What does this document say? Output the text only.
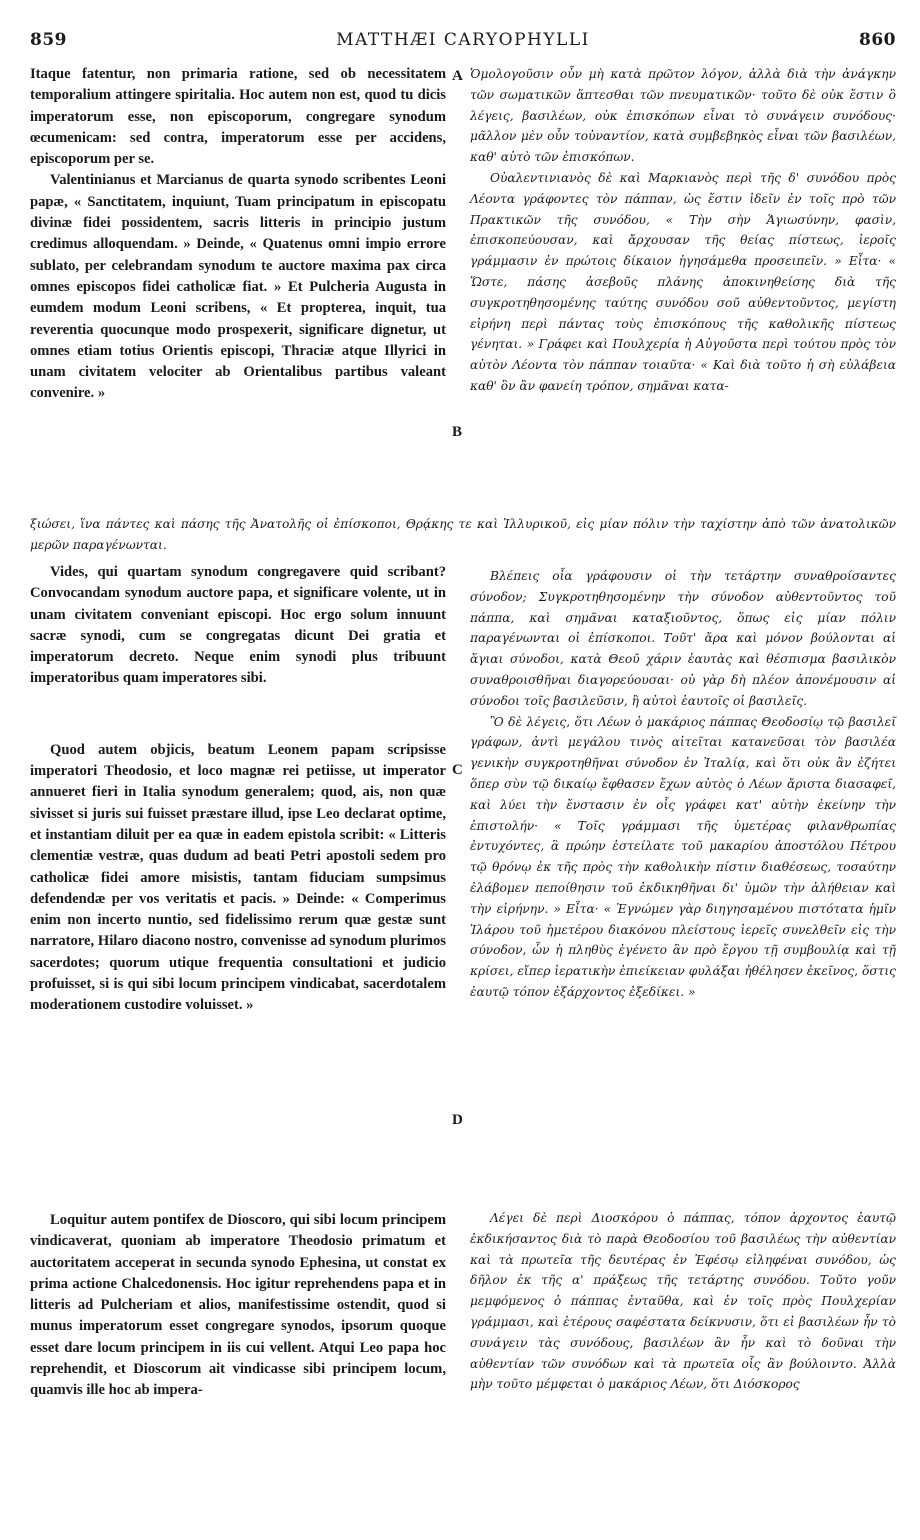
859	MATTHÆI CARYOPHYLLI	860

Itaque fatentur, non primaria ratione, sed ob necessitatem temporalium attingere spiritalia. Hoc autem non est, quod tu dicis imperatorum esse, non episcoporum, congregare synodum œcumenicam: sed contra, imperatorum esse per accidens, episcoporum per se.

Valentinianus et Marcianus de quarta synodo scribentes Leoni papæ, « Sanctitatem, inquiunt, Tuam principatum in episcopatu divinæ fidei possidentem, sacris litteris in principio justum credimus alloquendam. » Deinde, « Quatenus omni impio errore sublato, per celebrandam synodum te auctore maxima pax circa omnes episcopos fidei catholicæ fiat. » Et Pulcheria Augusta in eumdem modum Leoni scribens, « Et propterea, inquit, tua reverentia quocunque modo prospexerit, significare dignetur, ut omnes etiam totius Orientis episcopi, Thraciæ atque Illyrici in unam civitatem velociter ab Orientalibus partibus valeant convenire. »

Ὁμολογοῦσιν οὖν μὴ κατὰ πρῶτον λόγον, ἀλλὰ διὰ τὴν ἀνάγκην τῶν σωματικῶν ἅπτεσθαι τῶν πνευματικῶν· τοῦτο δὲ οὐκ ἔστιν ὃ λέγεις, βασιλέων, οὐκ ἐπισκόπων εἶναι τὸ συνάγειν συνόδους· μᾶλλον μὲν οὖν τοὐναντίον, κατὰ συμβεβηκὸς εἶναι τῶν βασιλέων, καθ' αὑτὸ τῶν ἐπισκόπων.

Οὐαλεντινιανὸς δὲ καὶ Μαρκιανὸς περὶ τῆς δ' συνόδου πρὸς Λέοντα γράφοντες τὸν πάππαν, ὡς ἔστιν ἰδεῖν ἐν τοῖς πρὸ τῶν Πρακτικῶν τῆς συνόδου, « Τὴν σὴν Ἁγιωσύνην, φασὶν, ἐπισκοπεύουσαν, καὶ ἄρχουσαν τῆς θείας πίστεως, ἱεροῖς γράμμασιν ἐν πρώτοις δίκαιον ἡγησάμεθα προσειπεῖν. » Εἶτα· « Ὥστε, πάσης ἀσεβοῦς πλάνης ἀποκινηθείσης διὰ τῆς συγκροτηθησομένης ταύτης συνόδου σοῦ αὐθεντοῦντος, μεγίστη εἰρήνη περὶ πάντας τοὺς ἐπισκόπους τῆς καθολικῆς πίστεως γένηται. » Γράφει καὶ Πουλχερία ἡ Αὐγοῦστα περὶ τούτου πρὸς τὸν αὐτὸν Λέοντα τὸν πάππαν τοιαῦτα· « Καὶ διὰ τοῦτο ἡ σὴ εὐλάβεια καθ' ὃν ἂν φανείη τρόπον, σημᾶναι κατα-

ξιώσει, ἵνα πάντες καὶ πάσης τῆς Ἀνατολῆς οἱ ἐπίσκοποι, Θρᾴκης τε καὶ Ἰλλυρικοῦ, εἰς μίαν πόλιν τὴν ταχίστην ἀπὸ τῶν ἀνατολικῶν μερῶν παραγένωνται.

Vides, qui quartam synodum congregavere quid scribant? Convocandam synodum auctore papa, et significare volente, ut in unam civitatem conveniant episcopi. Hoc ergo solum innuunt sacræ synodi, cum se congregatas dicunt Dei gratia et imperatorum decreto. Neque enim synodi plus tribuunt imperatoribus quam imperatores sibi.

Quod autem objicis, beatum Leonem papam scripsisse imperatori Theodosio, et loco magnæ rei petiisse, ut imperator annueret fieri in Italia synodum generalem; quod, ais, non quæ sivisset si juris sui fuisset præstare illud, ipse Leo declarat optime, et instantiam diluit per ea quæ in eadem epistola scribit: « Litteris clementiæ vestræ, quas dudum ad beati Petri apostoli sedem pro catholicæ fidei amore misistis, tantam fiduciam sumpsimus defendendæ per vos veritatis et pacis. » Deinde: « Comperimus enim non incerto nuntio, sed fidelissimo rerum quæ gestæ sunt narratore, Hilaro diacono nostro, convenisse ad synodum plurimos sacerdotes; quorum utique frequentia consultationi et judicio profuisset, si is qui sibi locum principem vindicabat, sacerdotalem moderationem custodire voluisset. »

Βλέπεις οἷα γράφουσιν οἱ τὴν τετάρτην συναθροίσαντες σύνοδον; Συγκροτηθησομένην τὴν σύνοδον αὐθεντοῦντος τοῦ πάππα, καὶ σημᾶναι καταξιοῦντος, ὅπως εἰς μίαν πόλιν παραγένωνται οἱ ἐπίσκοποι. Τοῦτ' ἄρα καὶ μόνον βούλονται αἱ ἅγιαι σύνοδοι, κατὰ Θεοῦ χάριν ἑαυτὰς καὶ θέσπισμα βασιλικὸν συναθροισθῆναι διαγορεύουσαι· οὐ γὰρ δὴ πλέον ἀπονέμουσιν αἱ σύνοδοι τοῖς βασιλεῦσιν, ἢ αὐτοὶ ἑαυτοῖς οἱ βασιλεῖς.

Ὃ δὲ λέγεις, ὅτι Λέων ὁ μακάριος πάππας Θεοδοσίῳ τῷ βασιλεῖ γράφων, ἀντὶ μεγάλου τινὸς αἰτεῖται κατανεῦσαι τὸν βασιλέα γενικὴν συγκροτηθῆναι σύνοδον ἐν Ἰταλίᾳ, καὶ ὅτι οὐκ ἂν ἐζήτει ὅπερ σὺν τῷ δικαίῳ ἔφθασεν ἔχων αὐτὸς ὁ Λέων ἄριστα διασαφεῖ, καὶ λύει τὴν ἔνστασιν ἐν οἷς γράφει κατ' αὐτὴν ἐκείνην τὴν ἐπιστολήν· « Τοῖς γράμμασι τῆς ὑμετέρας φιλανθρωπίας ἐντυχόντες, ἃ πρώην ἐστείλατε τοῦ μακαρίου ἀποστόλου Πέτρου τῷ θρόνῳ ἐκ τῆς πρὸς τὴν καθολικὴν πίστιν διαθέσεως, τοσαύτην ἐλάβομεν πεποίθησιν τοῦ ἐκδικηθῆναι δι' ὑμῶν τὴν ἀλήθειαν καὶ τὴν εἰρήνην. » Εἶτα· « Ἐγνώμεν γὰρ διηγησαμένου πιστότατα ἡμῖν Ἱλάρου τοῦ ἡμετέρου διακόνου πλείστους ἱερεῖς συνελθεῖν εἰς τὴν σύνοδον, ὧν ἡ πληθὺς ἐγένετο ἂν πρὸ ἔργου τῇ συμβουλίᾳ καὶ τῇ κρίσει, εἴπερ ἱερατικὴν ἐπιείκειαν φυλάξαι ἠθέλησεν ἐκεῖνος, ὅστις ἑαυτῷ τόπον ἐξάρχοντος ἐξεδίκει. »

Loquitur autem pontifex de Dioscoro, qui sibi locum principem vindicaverat, quoniam ab imperatore Theodosio primatum et auctoritatem acceperat in secunda synodo Ephesina, ut constat ex prima actione Chalcedonensis. Hoc igitur reprehendens papa et in litteris ad Pulcheriam et alios, manifestissime ostendit, quod si munus imperatorum esset congregare synodos, ipsorum quoque esset dare locum principem in iis cui vellent. Atqui Leo papa hoc reprehendit, et Dioscorum ait vindicasse sibi principem locum, quamvis ille hoc ab impera-

Λέγει δὲ περὶ Διοσκόρου ὁ πάππας, τόπον ἀρχοντος ἑαυτῷ ἐκδικήσαντος διὰ τὸ παρὰ Θεοδοσίου τοῦ βασιλέως τὴν αὐθεντίαν καὶ τὰ πρωτεῖα τῆς δευτέρας ἐν Ἐφέσῳ εἰληφέναι συνόδου, ὡς δῆλον ἐκ τῆς α' πράξεως τῆς τετάρτης συνόδου. Τοῦτο γοῦν μεμφόμενος ὁ πάππας ἐνταῦθα, καὶ ἐν τοῖς πρὸς Πουλχερίαν γράμμασι, καὶ ἑτέρους σαφέστατα δείκνυσιν, ὅτι εἰ βασιλέων ἦν τὸ συνάγειν τὰς συνόδους, βασιλέων ἂν ἦν καὶ τὸ δοῦναι τὴν αὐθεντίαν τῶν συνόδων καὶ τὰ πρωτεῖα οἷς ἂν βούλοιντο. Ἀλλὰ μὴν τοῦτο μέμφεται ὁ μακάριος Λέων, ὅτι Διόσκορος

A
B
C
D
